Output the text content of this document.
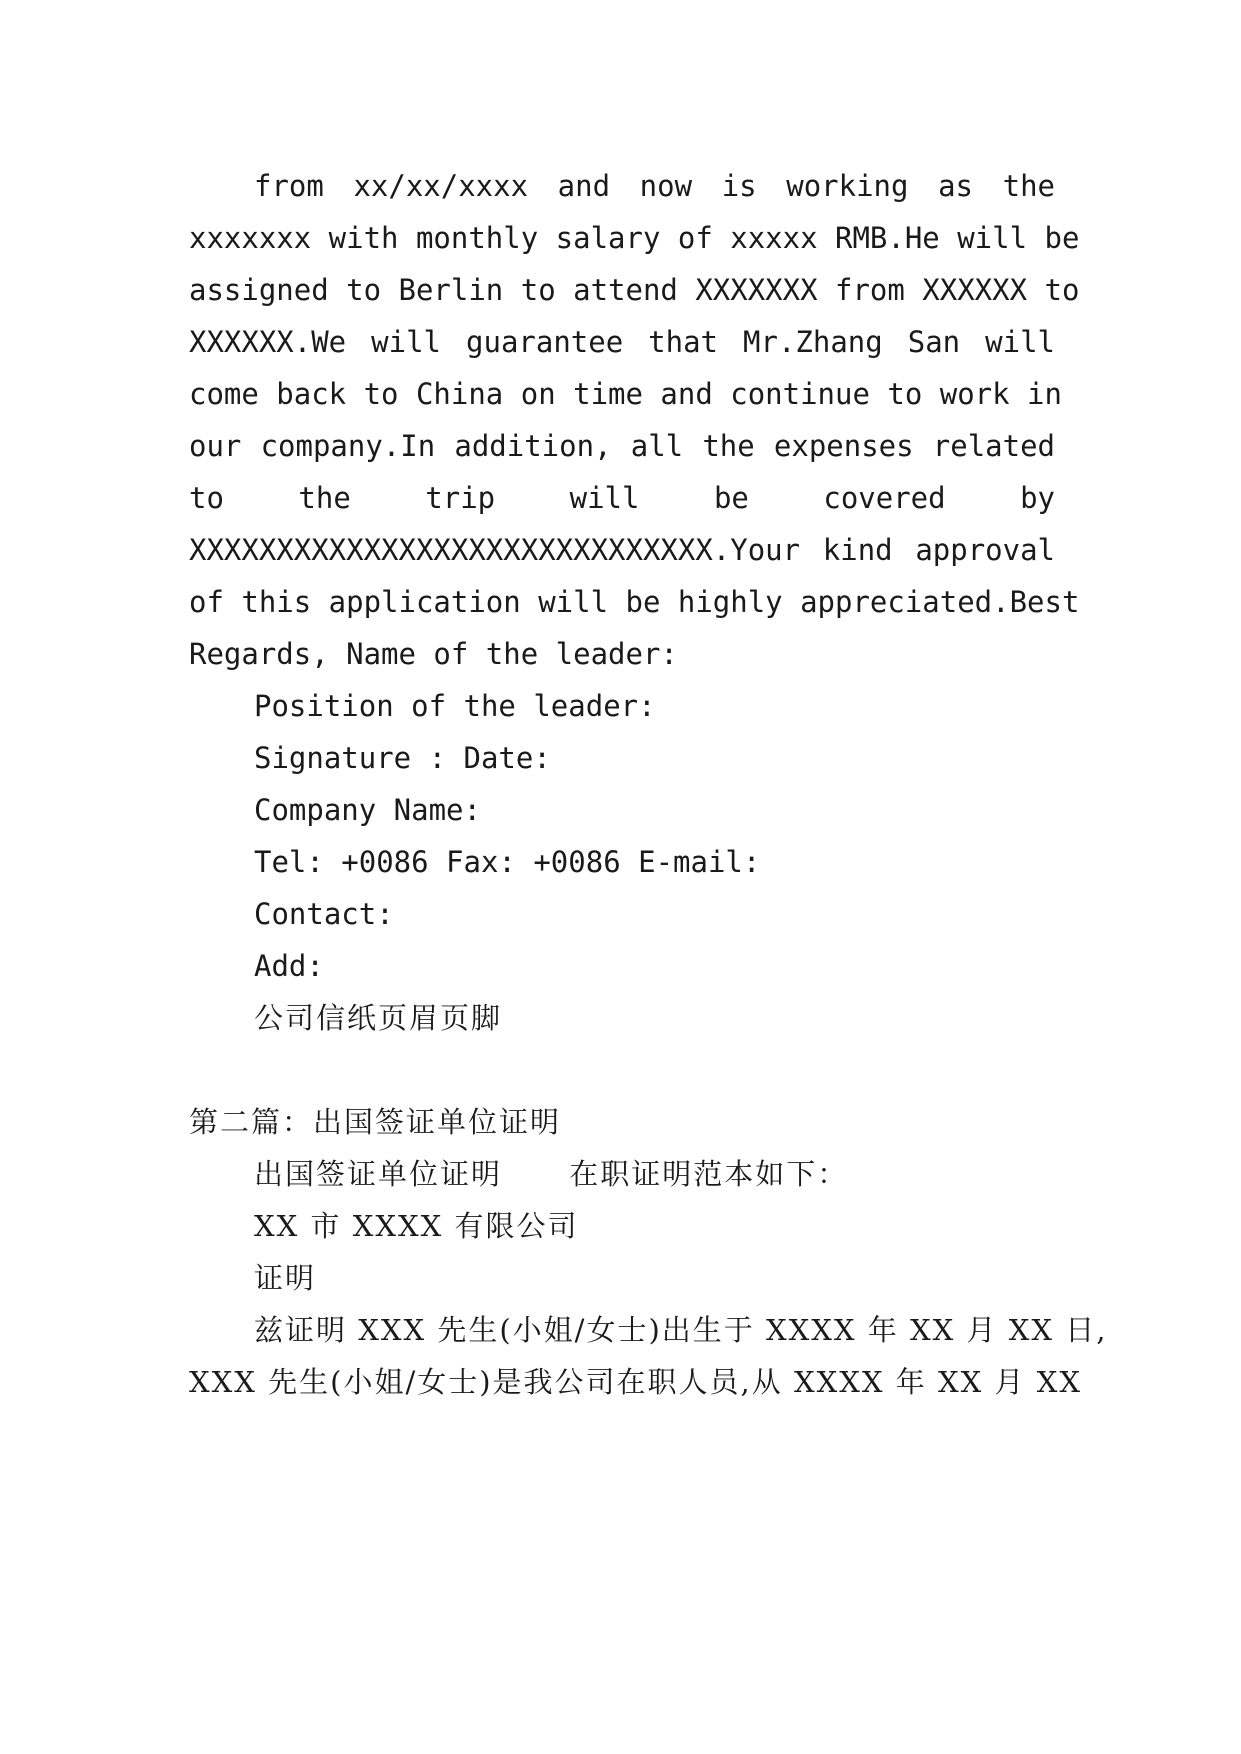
from xx/xx/xxxx and now is working as the
xxxxxxx with monthly salary of xxxxx RMB.He will be
assigned to Berlin to attend XXXXXXX from XXXXXX to
XXXXXX.We will guarantee that Mr.Zhang San will
come back to China on time and continue to work in
our company.In addition, all the expenses related
to the trip will be covered by
XXXXXXXXXXXXXXXXXXXXXXXXXXXXXX.Your kind approval
of this application will be highly appreciated.Best
Regards, Name of the leader:
Position of the leader:
Signature : Date:
Company Name:
Tel: +0086 Fax: +0086 E-mail:
Contact:
Add:
公司信纸页眉页脚
第二篇：出国签证单位证明
出国签证单位证明      在职证明范本如下：
XX 市 XXXX 有限公司
证明
兹证明 XXX 先生(小姐/女士)出生于 XXXX 年 XX 月 XX 日,
XXX 先生(小姐/女士)是我公司在职人员,从 XXXX 年 XX 月 XX
